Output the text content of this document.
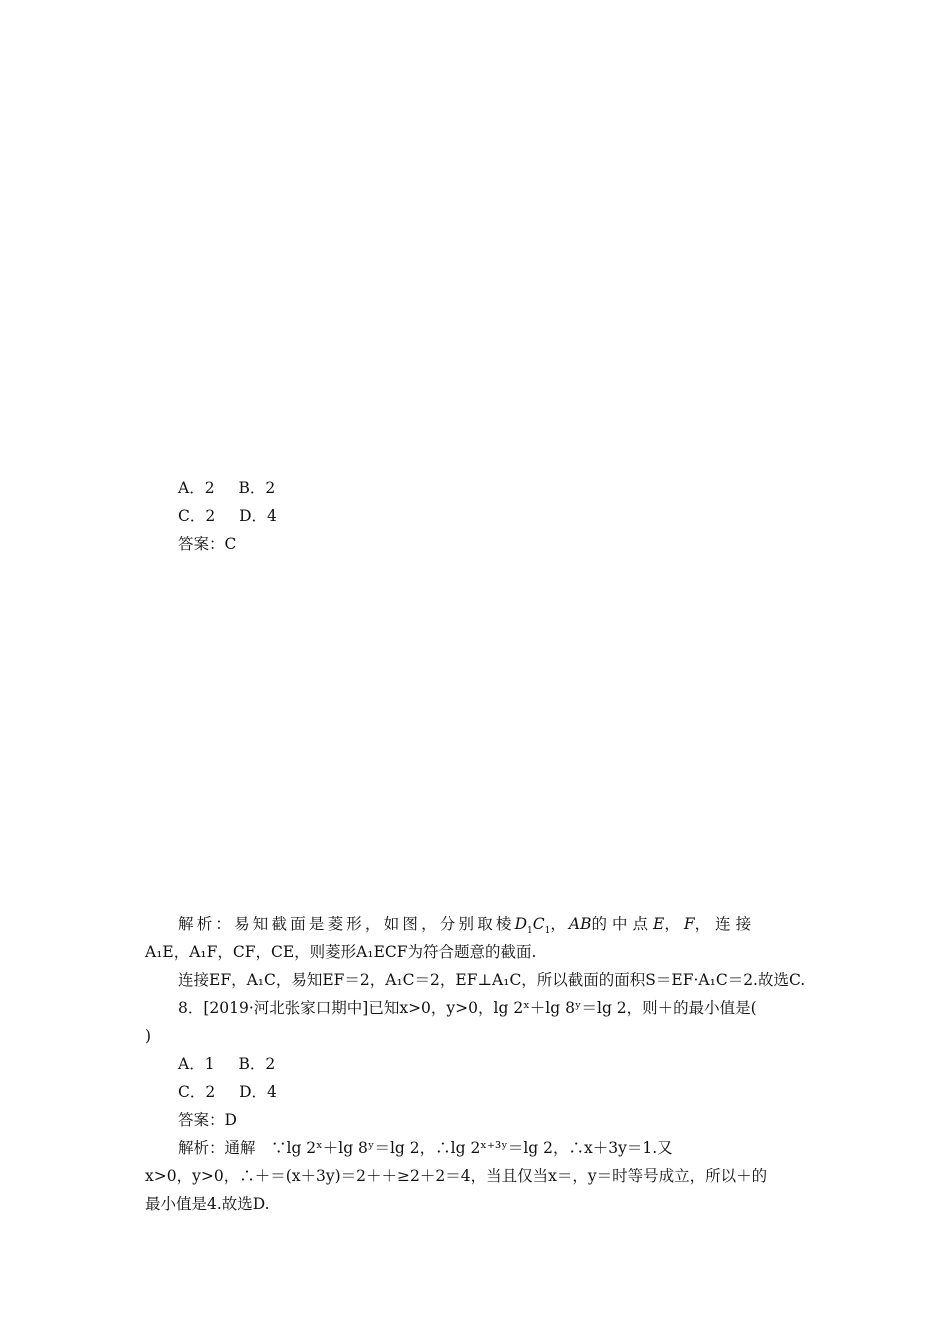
A．2 B．2
C．2 D．4
答案：C
解析：易知截面是菱形，如图，分别取棱$D_1C_1$，AB的中点E，F，连接
A₁E，A₁F，CF，CE，则菱形A₁ECF为符合题意的截面.
连接EF，A₁C，易知EF＝2，A₁C＝2，EF⊥A₁C，所以截面的面积S＝EF·A₁C＝2.故选C.
8．[2019·河北张家口期中]已知x>0，y>0，lg 2ˣ＋lg 8ʸ＝lg 2，则＋的最小值是(
)
A．1 B．2
C．2 D．4
答案：D
解析：通解　∵lg 2ˣ＋lg 8ʸ＝lg 2，∴lg 2ˣ⁺³ʸ＝lg 2，∴x＋3y＝1.又
x>0，y>0，∴＋＝(x＋3y)＝2＋＋≥2＋2＝4，当且仅当x＝，y＝时等号成立，所以＋的
最小值是4.故选D.
